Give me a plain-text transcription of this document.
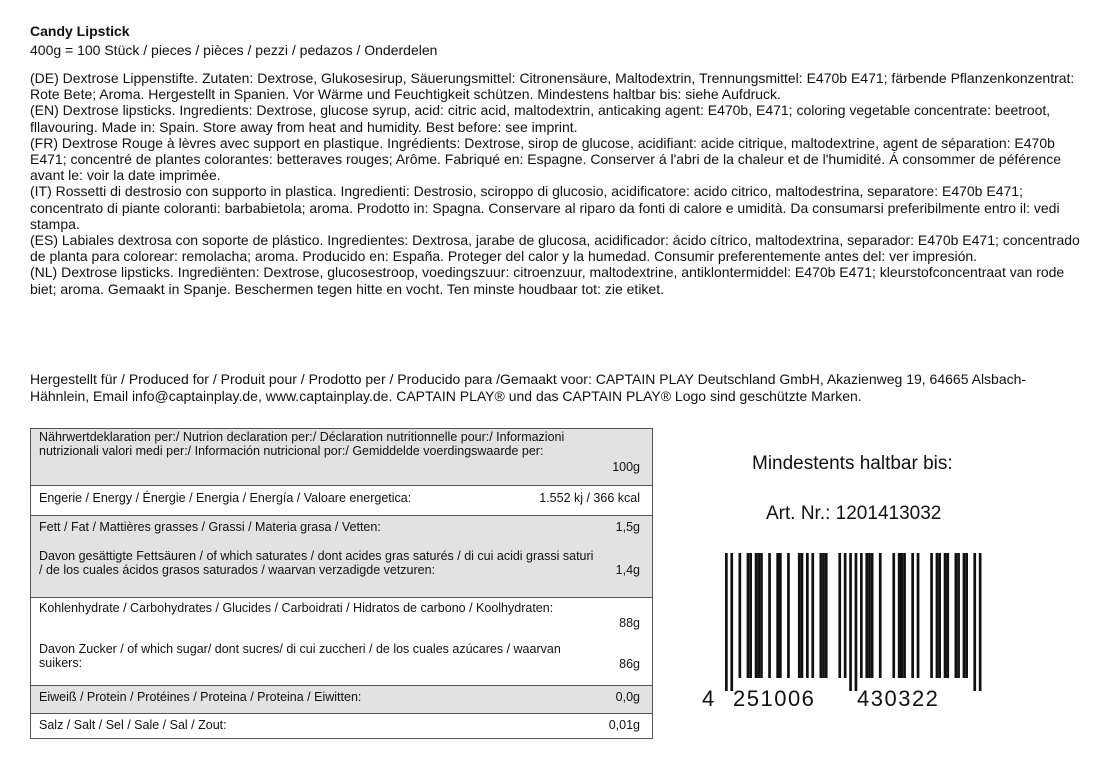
Candy Lipstick
400g = 100 Stück / pieces / pièces / pezzi / pedazos / Onderdelen

(DE) Dextrose Lippenstifte. Zutaten: Dextrose, Glukosesirup, Säuerungsmittel: Citronensäure, Maltodextrin, Trennungsmittel: E470b E471; färbende Pflanzenkonzentrat: Rote Bete; Aroma. Hergestellt in Spanien. Vor Wärme und Feuchtigkeit schützen. Mindestens haltbar bis: siehe Aufdruck.

(EN) Dextrose lipsticks. Ingredients: Dextrose, glucose syrup, acid: citric acid, maltodextrin, anticaking agent: E470b, E471; coloring vegetable concentrate: beetroot, fllavouring. Made in: Spain. Store away from heat and humidity. Best before: see imprint.

(FR) Dextrose Rouge à lèvres avec support en plastique. Ingrédients: Dextrose, sirop de glucose, acidifiant: acide citrique, maltodextrine, agent de séparation: E470b E471; concentré de plantes colorantes: betteraves rouges; Arôme. Fabriqué en: Espagne. Conserver á l'abri de la chaleur et de l'humidité. Á consommer de péférence avant le: voir la date imprimée.

(IT) Rossetti di destrosio con supporto in plastica. Ingredienti: Destrosio, sciroppo di glucosio, acidificatore: acido citrico, maltodestrina, separatore: E470b E471; concentrato di piante coloranti: barbabietola; aroma. Prodotto in: Spagna. Conservare al riparo da fonti di calore e umidità. Da consumarsi preferibilmente entro il: vedi stampa.

(ES) Labiales dextrosa con soporte de plástico. Ingredientes: Dextrosa, jarabe de glucosa, acidificador: ácido cítrico, maltodextrina, separador: E470b E471; concentrado de planta para colorear: remolacha; aroma. Producido en: España. Proteger del calor y la humedad. Consumir preferentemente antes del: ver impresión.

(NL) Dextrose lipsticks. Ingrediënten: Dextrose, glucosestroop, voedingszuur: citroenzuur, maltodextrine, antiklontermiddel: E470b E471; kleurstofconcentraat van rode biet; aroma. Gemaakt in Spanje. Beschermen tegen hitte en vocht. Ten minste houdbaar tot: zie etiket.

Hergestellt für / Produced for / Produit pour / Prodotto per / Producido para /Gemaakt voor: CAPTAIN PLAY Deutschland GmbH, Akazienweg 19, 64665 Alsbach-Hähnlein, Email info@captainplay.de, www.captainplay.de. CAPTAIN PLAY® und das CAPTAIN PLAY® Logo sind geschützte Marken.
Nährwertdeklaration per:/ Nutrion declaration per:/ Déclaration nutritionnelle pour:/ Informazioni nutrizionali valori medi per:/ Información nutricional por:/ Gemiddelde voerdingswaarde per:
100g
Engerie / Energy / Énergie / Energia / Energía / Valoare energetica:	1.552 kj / 366 kcal
Fett / Fat / Mattières grasses / Grassi / Materia grasa / Vetten:	1,5g
Davon gesättigte Fettsäuren / of which saturates / dont acides gras saturés / di cui acidi grassi saturi / de los cuales ácidos grasos saturados / waarvan verzadigde vetzuren:	1,4g
Kohlenhydrate / Carbohydrates / Glucides / Carboidrati / Hidratos de carbono / Koolhydraten:
88g
Davon Zucker / of which sugar/ dont sucres/ di cui zuccheri / de los cuales azúcares / waarvan suikers:	86g
Eiweiß / Protein / Protéines / Proteina / Proteina / Eiwitten:	0,0g
Salz / Salt / Sel / Sale / Sal / Zout:	0,01g
Mindestents haltbar bis:
Art. Nr.: 1201413032
4 251006 430322
